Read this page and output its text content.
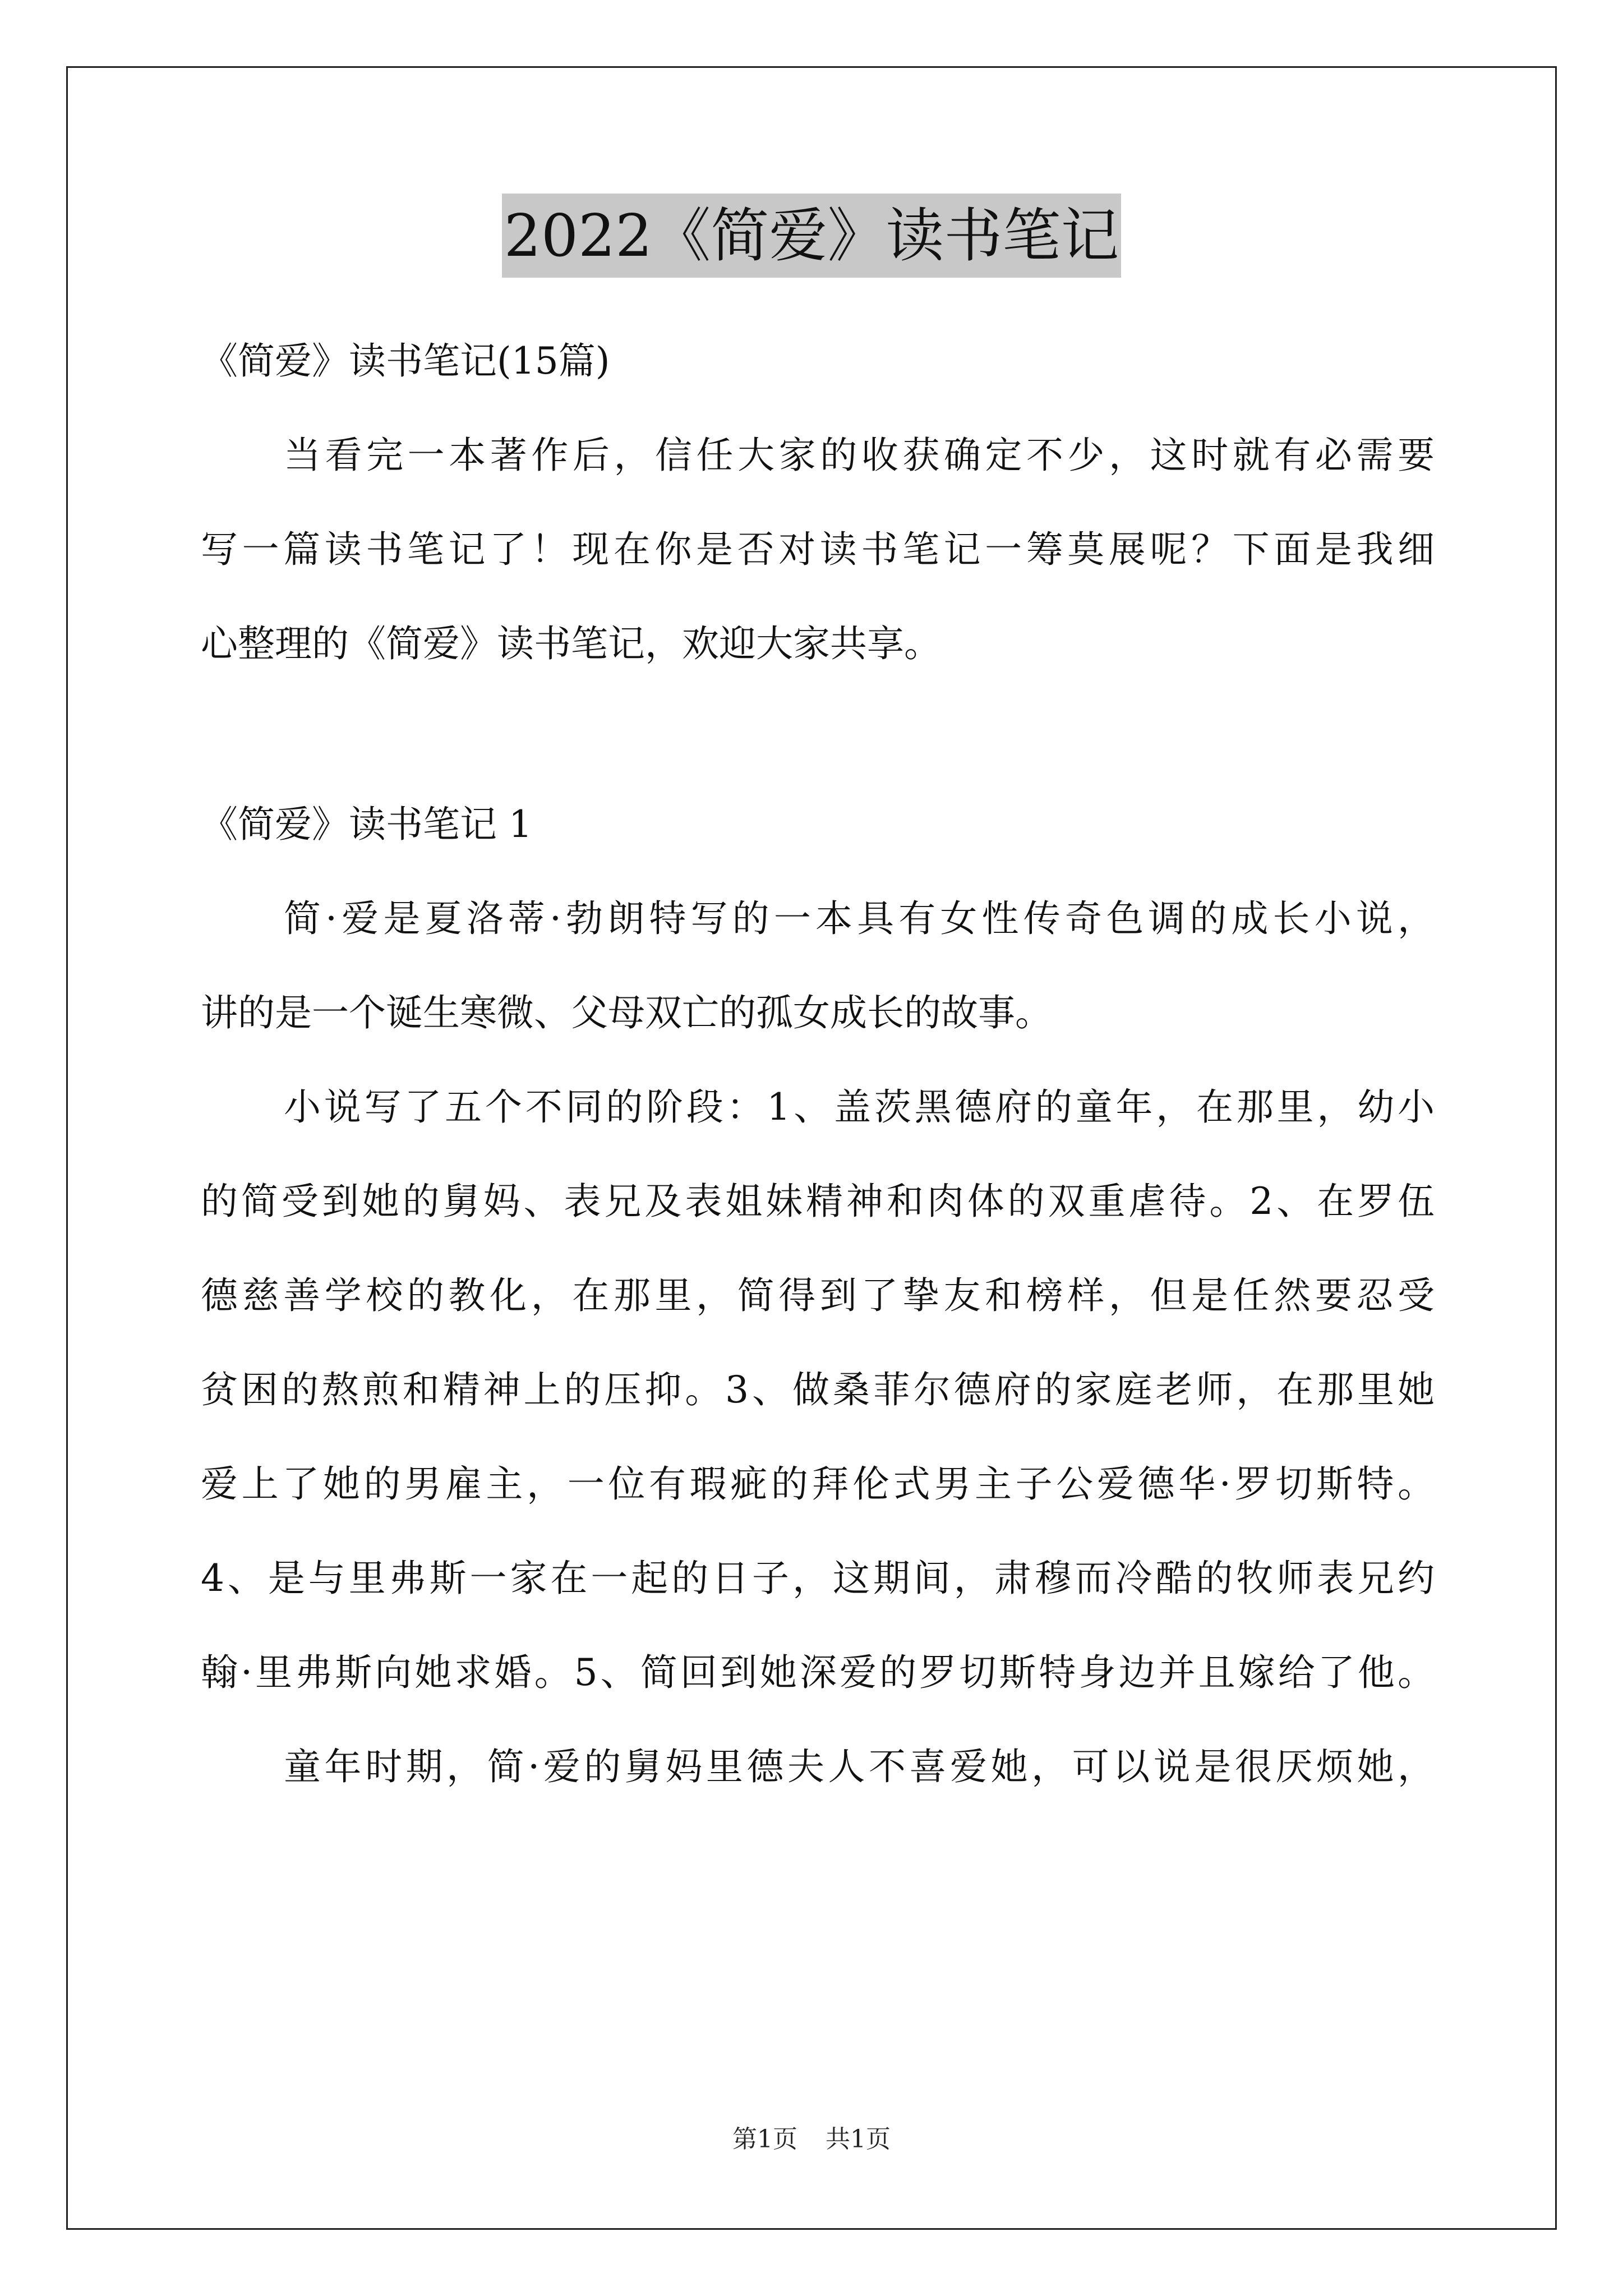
2022《简爱》读书笔记
《简爱》读书笔记(15篇)
当看完一本著作后，信任大家的收获确定不少，这时就有必需要
写一篇读书笔记了！现在你是否对读书笔记一筹莫展呢？下面是我细
心整理的《简爱》读书笔记，欢迎大家共享。
《简爱》读书笔记 1
简·爱是夏洛蒂·勃朗特写的一本具有女性传奇色调的成长小说，
讲的是一个诞生寒微、父母双亡的孤女成长的故事。
小说写了五个不同的阶段：1、盖茨黑德府的童年，在那里，幼小
的简受到她的舅妈、表兄及表姐妹精神和肉体的双重虐待。2、在罗伍
德慈善学校的教化，在那里，简得到了挚友和榜样，但是任然要忍受
贫困的熬煎和精神上的压抑。3、做桑菲尔德府的家庭老师，在那里她
爱上了她的男雇主，一位有瑕疵的拜伦式男主子公爱德华·罗切斯特。
4、是与里弗斯一家在一起的日子，这期间，肃穆而冷酷的牧师表兄约
翰·里弗斯向她求婚。5、简回到她深爱的罗切斯特身边并且嫁给了他。
童年时期，简·爱的舅妈里德夫人不喜爱她，可以说是很厌烦她，
第1页 共1页
